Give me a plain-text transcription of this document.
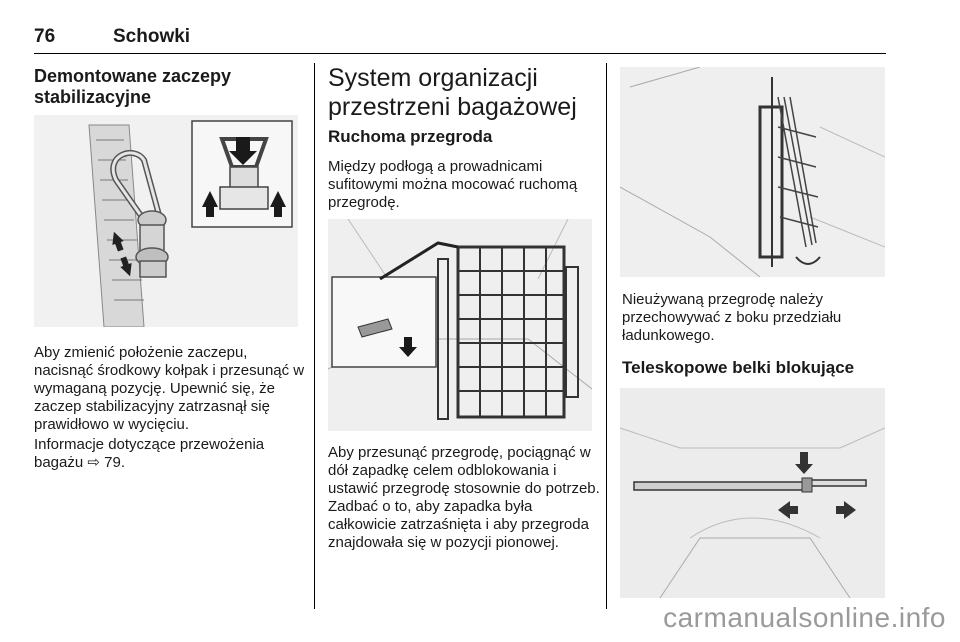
76	Schowki
Demontowane zaczepy stabilizacyjne
Aby zmienić położenie zaczepu, nacisnąć środkowy kołpak i przesunąć w wymaganą pozycję. Upewnić się, że zaczep stabilizacyjny zatrzasnął się prawidłowo w wycięciu.
Informacje dotyczące przewożenia bagażu ⇨ 79.
System organizacji przestrzeni bagażowej
Ruchoma przegroda
Między podłogą a prowadnicami sufitowymi można mocować ruchomą przegrodę.
Aby przesunąć przegrodę, pociągnąć w dół zapadkę celem odblokowania i ustawić przegrodę stosownie do potrzeb. Zadbać o to, aby zapadka była całkowicie zatrzaśnięta i aby przegroda znajdowała się w pozycji pionowej.
Nieużywaną przegrodę należy przechowywać z boku przedziału ładunkowego.
Teleskopowe belki blokujące
carmanualsonline.info
